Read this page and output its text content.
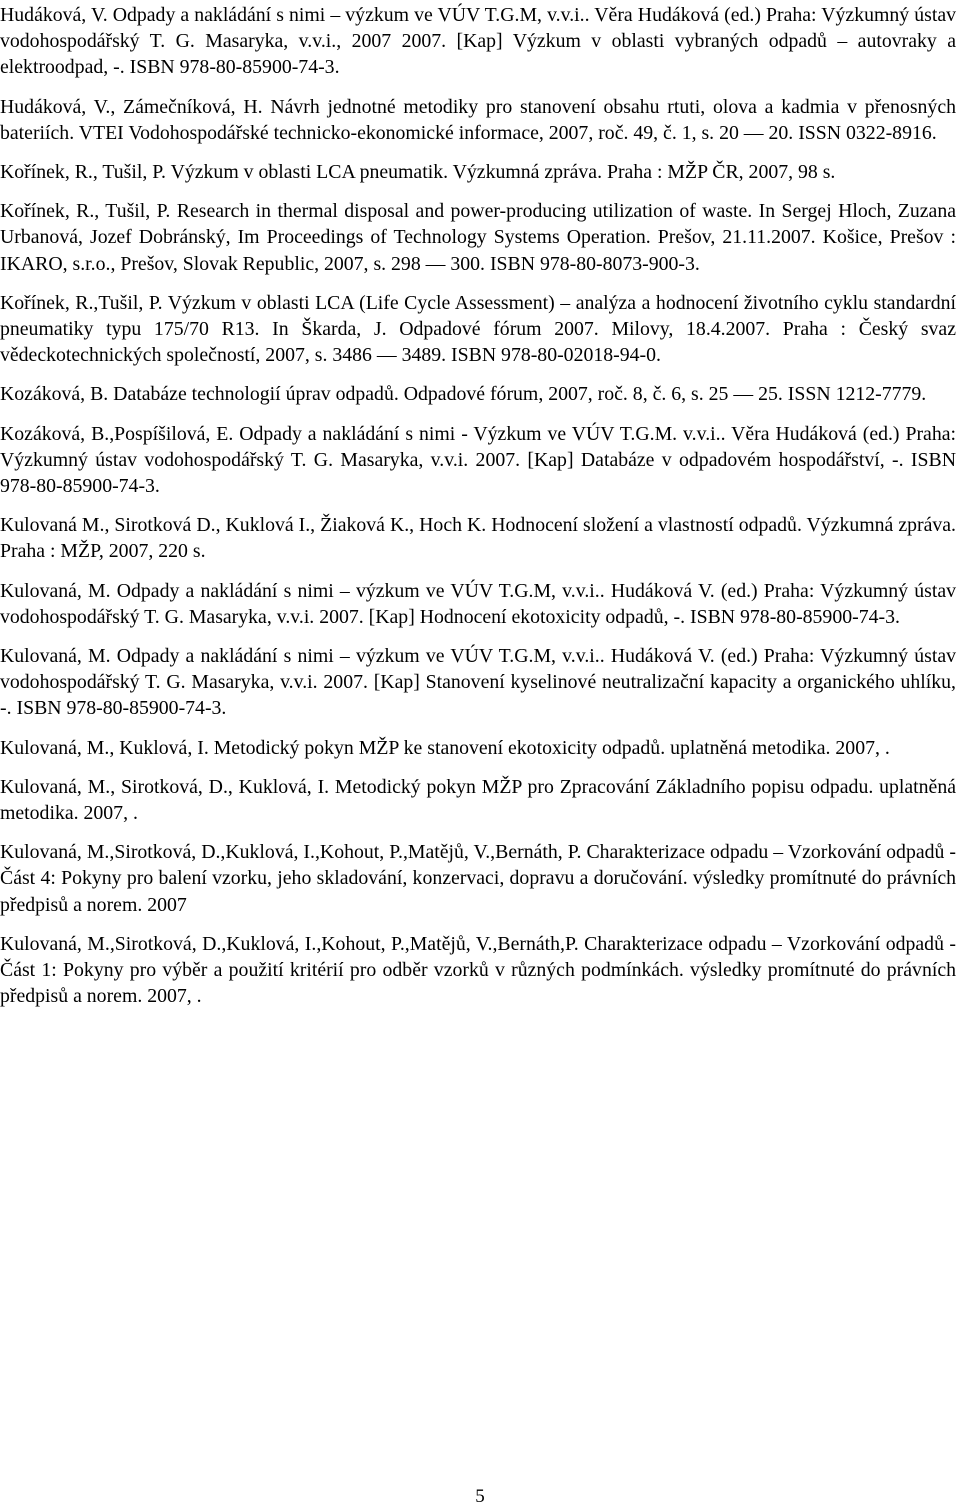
Hudáková, V. Odpady a nakládání s nimi – výzkum ve VÚV T.G.M, v.v.i.. Věra Hudáková (ed.) Praha: Výzkumný ústav vodohospodářský T. G. Masaryka, v.v.i., 2007 2007. [Kap] Výzkum v oblasti vybraných odpadů – autovraky a elektroodpad, -. ISBN 978-80-85900-74-3.

Hudáková, V., Zámečníková, H. Návrh jednotné metodiky pro stanovení obsahu rtuti, olova a kadmia v přenosných bateriích. VTEI Vodohospodářské technicko-ekonomické informace, 2007, roč. 49, č. 1, s. 20 — 20. ISSN 0322-8916.

Kořínek, R., Tušil, P. Výzkum v oblasti LCA pneumatik. Výzkumná zpráva. Praha : MŽP ČR, 2007, 98 s.

Kořínek, R., Tušil, P. Research in thermal disposal and power-producing utilization of waste. In Sergej Hloch, Zuzana Urbanová, Jozef Dobránský, Im Proceedings of Technology Systems Operation. Prešov, 21.11.2007. Košice, Prešov : IKARO, s.r.o., Prešov, Slovak Republic, 2007, s. 298 — 300. ISBN 978-80-8073-900-3.

Kořínek, R.,Tušil, P. Výzkum v oblasti LCA (Life Cycle Assessment) – analýza a hodnocení životního cyklu standardní pneumatiky typu 175/70 R13. In Škarda, J. Odpadové fórum 2007. Milovy, 18.4.2007. Praha : Český svaz vědeckotechnických společností, 2007, s. 3486 — 3489. ISBN 978-80-02018-94-0.

Kozáková, B. Databáze technologií úprav odpadů. Odpadové fórum, 2007, roč. 8, č. 6, s. 25 — 25. ISSN 1212-7779.

Kozáková, B.,Pospíšilová, E. Odpady a nakládání s nimi - Výzkum ve VÚV T.G.M. v.v.i.. Věra Hudáková (ed.) Praha: Výzkumný ústav vodohospodářský T. G. Masaryka, v.v.i. 2007. [Kap] Databáze v odpadovém hospodářství, -. ISBN 978-80-85900-74-3.

Kulovaná M., Sirotková D., Kuklová I., Žiaková K., Hoch K. Hodnocení složení a vlastností odpadů. Výzkumná zpráva. Praha : MŽP, 2007, 220 s.

Kulovaná, M. Odpady a nakládání s nimi – výzkum ve VÚV T.G.M, v.v.i.. Hudáková V. (ed.) Praha: Výzkumný ústav vodohospodářský T. G. Masaryka, v.v.i. 2007. [Kap] Hodnocení ekotoxicity odpadů, -. ISBN 978-80-85900-74-3.

Kulovaná, M. Odpady a nakládání s nimi – výzkum ve VÚV T.G.M, v.v.i.. Hudáková V. (ed.) Praha: Výzkumný ústav vodohospodářský T. G. Masaryka, v.v.i. 2007. [Kap] Stanovení kyselinové neutralizační kapacity a organického uhlíku, -. ISBN 978-80-85900-74-3.

Kulovaná, M., Kuklová, I. Metodický pokyn MŽP ke stanovení ekotoxicity odpadů. uplatněná metodika. 2007, .

Kulovaná, M., Sirotková, D., Kuklová, I. Metodický pokyn MŽP pro Zpracování Základního popisu odpadu. uplatněná metodika. 2007, .

Kulovaná, M.,Sirotková, D.,Kuklová, I.,Kohout, P.,Matějů, V.,Bernáth, P. Charakterizace odpadu – Vzorkování odpadů - Část 4: Pokyny pro balení vzorku, jeho skladování, konzervaci, dopravu a doručování. výsledky promítnuté do právních předpisů a norem. 2007

Kulovaná, M.,Sirotková, D.,Kuklová, I.,Kohout, P.,Matějů, V.,Bernáth,P. Charakterizace odpadu – Vzorkování odpadů - Část 1: Pokyny pro výběr a použití kritérií pro odběr vzorků v různých podmínkách. výsledky promítnuté do právních předpisů a norem. 2007, .

5
